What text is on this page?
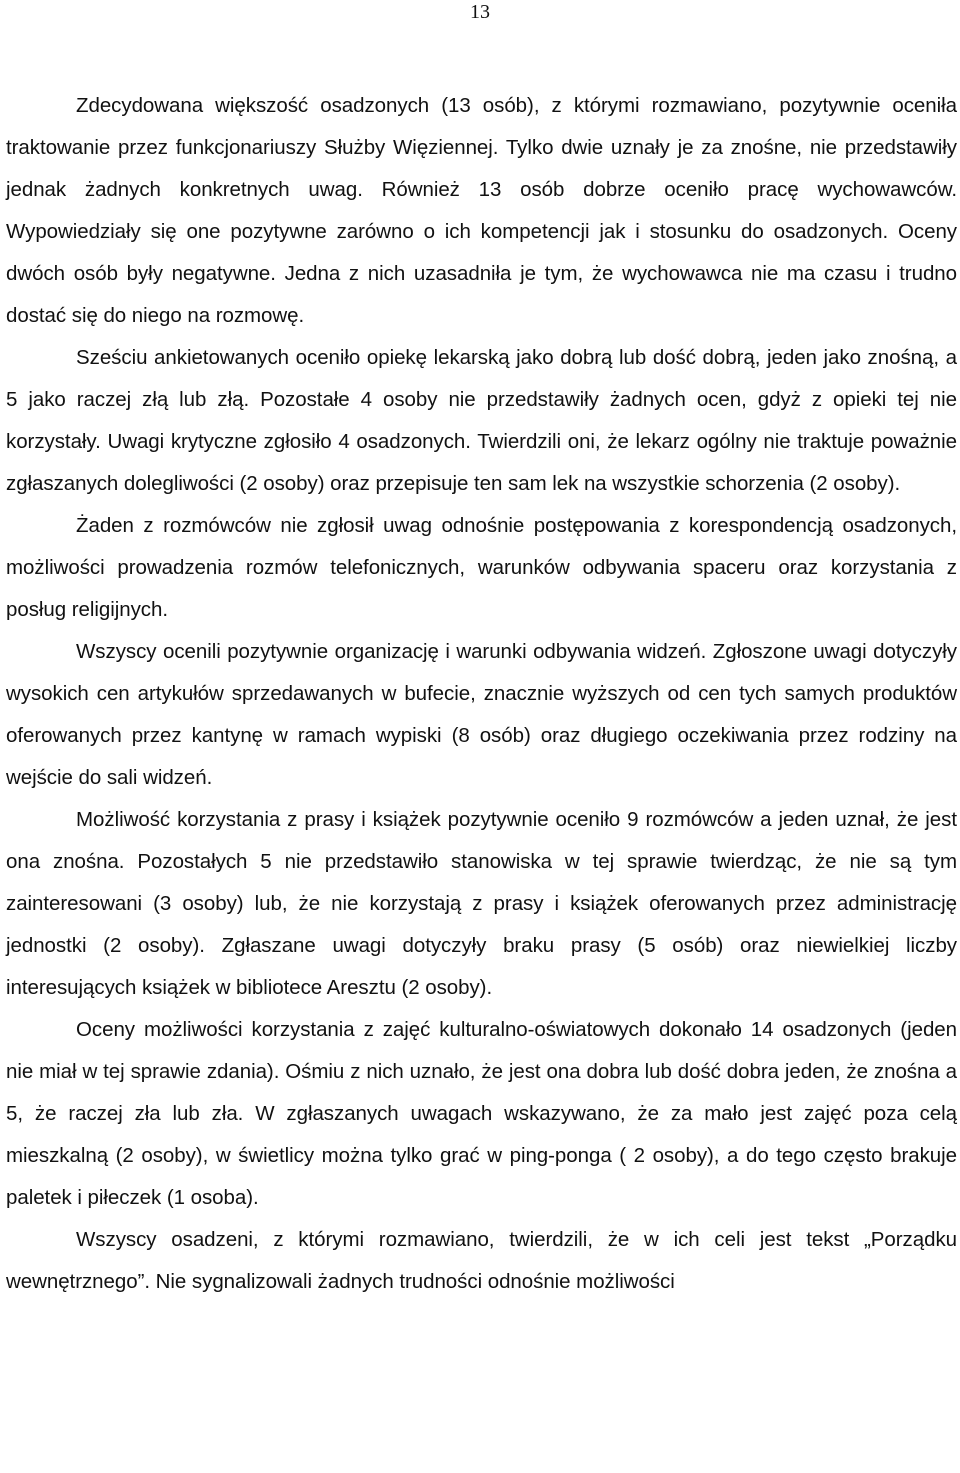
13

Zdecydowana większość osadzonych (13 osób), z którymi rozmawiano, pozytywnie oceniła traktowanie przez funkcjonariuszy Służby Więziennej. Tylko dwie uznały je za znośne, nie przedstawiły jednak żadnych konkretnych uwag. Również 13 osób dobrze oceniło pracę wychowawców. Wypowiedziały się one pozytywne zarówno o ich kompetencji jak i stosunku do osadzonych. Oceny dwóch osób były negatywne. Jedna z nich uzasadniła je tym, że wychowawca nie ma czasu i trudno dostać się do niego na rozmowę.

Sześciu ankietowanych oceniło opiekę lekarską jako dobrą lub dość dobrą, jeden jako znośną, a 5 jako raczej złą lub złą. Pozostałe 4 osoby nie przedstawiły żadnych ocen, gdyż z opieki tej nie korzystały. Uwagi krytyczne zgłosiło 4 osadzonych. Twierdzili oni, że lekarz ogólny nie traktuje poważnie zgłaszanych dolegliwości (2 osoby) oraz przepisuje ten sam lek na wszystkie schorzenia (2 osoby).

Żaden z rozmówców nie zgłosił uwag odnośnie postępowania z korespondencją osadzonych, możliwości prowadzenia rozmów telefonicznych, warunków odbywania spaceru oraz korzystania z posług religijnych.

Wszyscy ocenili pozytywnie organizację i warunki odbywania widzeń. Zgłoszone uwagi dotyczyły wysokich cen artykułów sprzedawanych w bufecie, znacznie wyższych od cen tych samych produktów oferowanych przez kantynę w ramach wypiski (8 osób) oraz długiego oczekiwania przez rodziny na wejście do sali widzeń.

Możliwość korzystania z prasy i książek pozytywnie oceniło 9 rozmówców a jeden uznał, że jest ona znośna. Pozostałych 5 nie przedstawiło stanowiska w tej sprawie twierdząc, że nie są tym zainteresowani (3 osoby) lub, że nie korzystają z prasy i książek oferowanych przez administrację jednostki (2 osoby). Zgłaszane uwagi dotyczyły braku prasy (5 osób) oraz niewielkiej liczby interesujących książek w bibliotece Aresztu (2 osoby).

Oceny możliwości korzystania z zajęć kulturalno-oświatowych dokonało 14 osadzonych (jeden nie miał w tej sprawie zdania). Ośmiu z nich uznało, że jest ona dobra lub dość dobra jeden, że znośna a 5, że raczej zła lub zła. W zgłaszanych uwagach wskazywano, że za mało jest zajęć poza celą mieszkalną (2 osoby), w świetlicy można tylko grać w ping-ponga ( 2 osoby), a do tego często brakuje paletek i piłeczek (1 osoba).

Wszyscy osadzeni, z którymi rozmawiano, twierdzili, że w ich celi jest tekst „Porządku wewnętrznego”. Nie sygnalizowali żadnych trudności odnośnie możliwości
